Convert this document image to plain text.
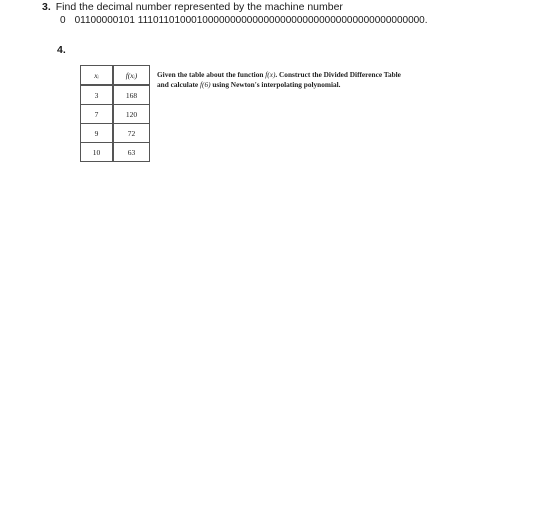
3. Find the decimal number represented by the machine number
0 01100000101 1110110100010000000000000000000000000000000000000000.
4.
xᵢ	f(xᵢ)
3	168
7	120
9	72
10	63
Given the table about the function f(x). Construct the Divided Difference Table
and calculate f(6) using Newton's interpolating polynomial.
